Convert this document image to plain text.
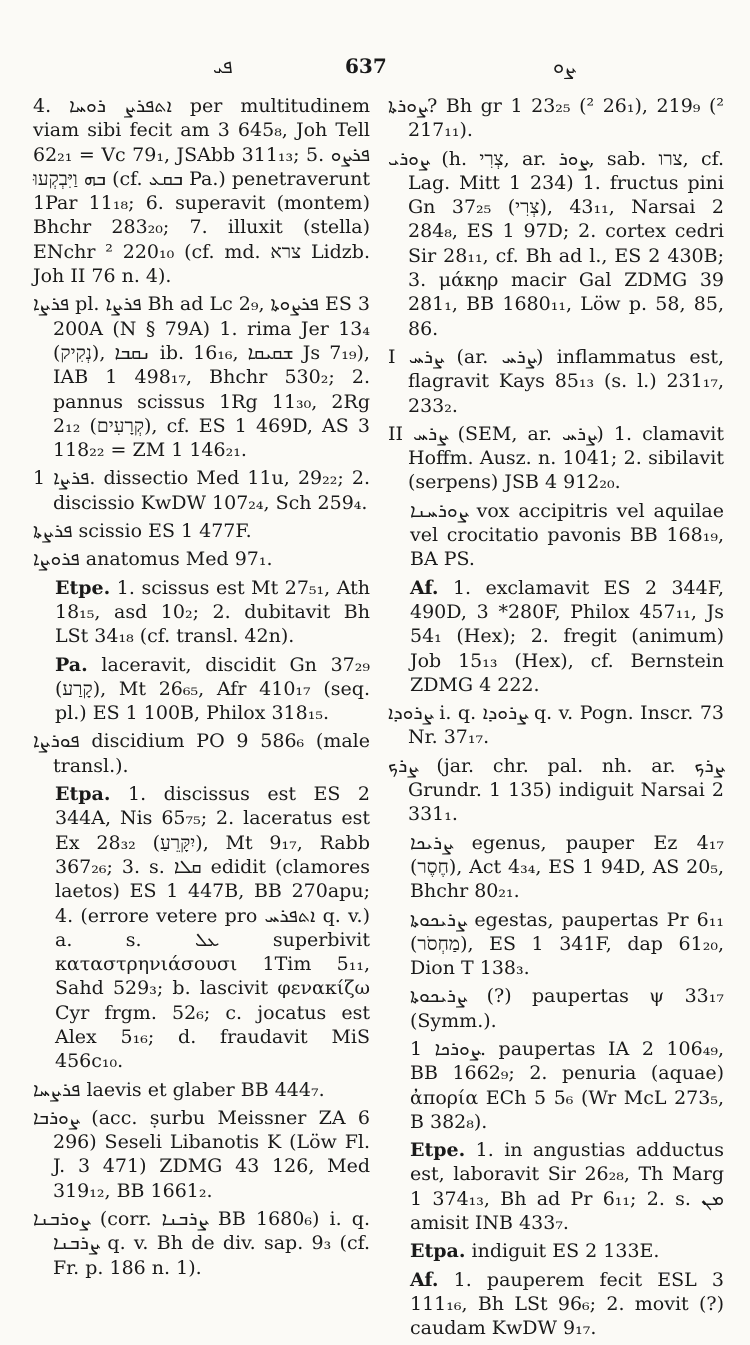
ܦܝ	637	ܨܘ

4. ܐܬܦܪܨ ܪܘܚܐ per multitudinem viam sibi fecit am 3 645₈, Joh Tell 62₂₁ = Vc 79₁, JSAbb 311₁₃; 5. ܦܪܨܘ ܒܗ וַיִּבְקְעוּ (cf. ܒܩܥ Pa.) penetraverunt 1Par 11₁₈; 6. superavit (montem) Bhchr 283₂₀; 7. illuxit (stella) ENchr ² 220₁₀ (cf. md. צרא Lidzb. Joh II 76 n. 4).

ܦܪܨܐ pl. ܦܪܨܐ Bh ad Lc 2₉, ܦܪܨܘܬܐ ES 3 200A (N § 79A) 1. rima Jer 13₄ (נְקִיק), ܢܩܒܐ ib. 16₁₆, ܫܩܝܩܐ Js 7₁₉), IAB 1 498₁₇, Bhchr 530₂; 2. pannus scissus 1Rg 11₃₀, 2Rg 2₁₂ (קְרָעִים), cf. ES 1 469D, AS 3 118₂₂ = ZM 1 146₂₁.

ܦܪܨܐ 1. dissectio Med 11u, 29₂₂; 2. discissio KwDW 107₂₄, Sch 259₄.

ܦܪܨܬܐ scissio ES 1 477F.

ܦܪܘܨܐ anatomus Med 97₁.

Etpe. 1. scissus est Mt 27₅₁, Ath 18₁₅, asd 10₂; 2. dubitavit Bh LSt 34₁₈ (cf. transl. 42n).

Pa. laceravit, discidit Gn 37₂₉ (קָרַע), Mt 26₆₅, Afr 410₁₇ (seq. pl.) ES 1 100B, Philox 318₁₅.

ܦܘܪܨܐ discidium PO 9 586₆ (male transl.).

Etpa. 1. discissus est ES 2 344A, Nis 65₇₅; 2. laceratus est Ex 28₃₂ (יִקָּרֵעַ), Mt 9₁₇, Rabb 367₂₆; 3. s. ܩܠܐ edidit (clamores laetos) ES 1 447B, BB 270apu; 4. (errore vetere pro ܐܬܦܪܚ q. v.) a. s. ܥܠ superbivit καταστρηνιάσουσι 1Tim 5₁₁, Sahd 529₃; b. lascivit φενακίζω Cyr frgm. 52₆; c. jocatus est Alex 5₁₆; d. fraudavit MiS 456c₁₀.

ܦܪܨܚܐ laevis et glaber BB 444₇.

ܨܘܪܒܐ (acc. ṣurbu Meissner ZA 6 296) Seseli Libanotis K (Löw Fl. J. 3 471) ZDMG 43 126, Med 319₁₂, BB 1661₂.

ܨܘܪܒܢܐ (corr. ܨܪܒܢܐ BB 1680₆) i. q. ܨܪܒܢܐ q. v. Bh de div. sap. 9₃ (cf. Fr. p. 186 n. 1).

ܨܘܪܬܐ? Bh gr 1 23₂₅ (² 26₁), 219₉ (² 217₁₁).

ܨܘܪܝ (h. צְרִי, ar. ܨܘܪ, sab. צרו, cf. Lag. Mitt 1 234) 1. fructus pini Gn 37₂₅ (צְרִי), 43₁₁, Narsai 2 284₈, ES 1 97D; 2. cortex cedri Sir 28₁₁, cf. Bh ad l., ES 2 430B; 3. μάκηρ macir Gal ZDMG 39 281₁, BB 1680₁₁, Löw p. 58, 85, 86.

I ܨܪܚ (ar. ܨܪܚ) inflammatus est, flagravit Kays 85₁₃ (s. l.) 231₁₇, 233₂.

II ܨܪܚ (SEM, ar. ܨܪܚ) 1. clamavit Hoffm. Ausz. n. 1041; 2. sibilavit (serpens) JSB 4 912₂₀.

ܨܘܪܚܢܐ vox accipitris vel aquilae vel crocitatio pavonis BB 168₁₉, BA PS.

Af. 1. exclamavit ES 2 344F, 490D, 3 *280F, Philox 457₁₁, Js 54₁ (Hex); 2. fregit (animum) Job 15₁₃ (Hex), cf. Bernstein ZDMG 4 222.

ܨܪܘܕܐ i. q. ܨܪܘܕܐ q. v. Pogn. Inscr. 73 Nr. 37₁₇.

ܨܪܟ (jar. chr. pal. nh. ar. ܨܪܟ Grundr. 1 135) indiguit Narsai 2 331₁.

ܨܪܝܟܐ egenus, pauper Ez 4₁₇ (חֶסֶר), Act 4₃₄, ES 1 94D, AS 20₅, Bhchr 80₂₁.

ܨܪܝܟܘܬܐ egestas, paupertas Pr 6₁₁ (מַחְסֹר), ES 1 341F, dap 61₂₀, Dion T 138₃.

ܨܪܝܟܘܬܐ (?) paupertas ψ 33₁₇ (Symm.).

ܨܘܪܟܐ 1. paupertas IA 2 106₄₉, BB 1662₉; 2. penuria (aquae) ἀπορία ECh 5 5₆ (Wr McL 273₅, B 382₈).

Etpe. 1. in angustias adductus est, laboravit Sir 26₂₈, Th Marg 1 374₁₃, Bh ad Pr 6₁₁; 2. s. ܡܢ amisit INB 433₇.

Etpa. indiguit ES 2 133E.

Af. 1. pauperem fecit ESL 3 111₁₆, Bh LSt 96₆; 2. movit (?) caudam KwDW 9₁₇.
